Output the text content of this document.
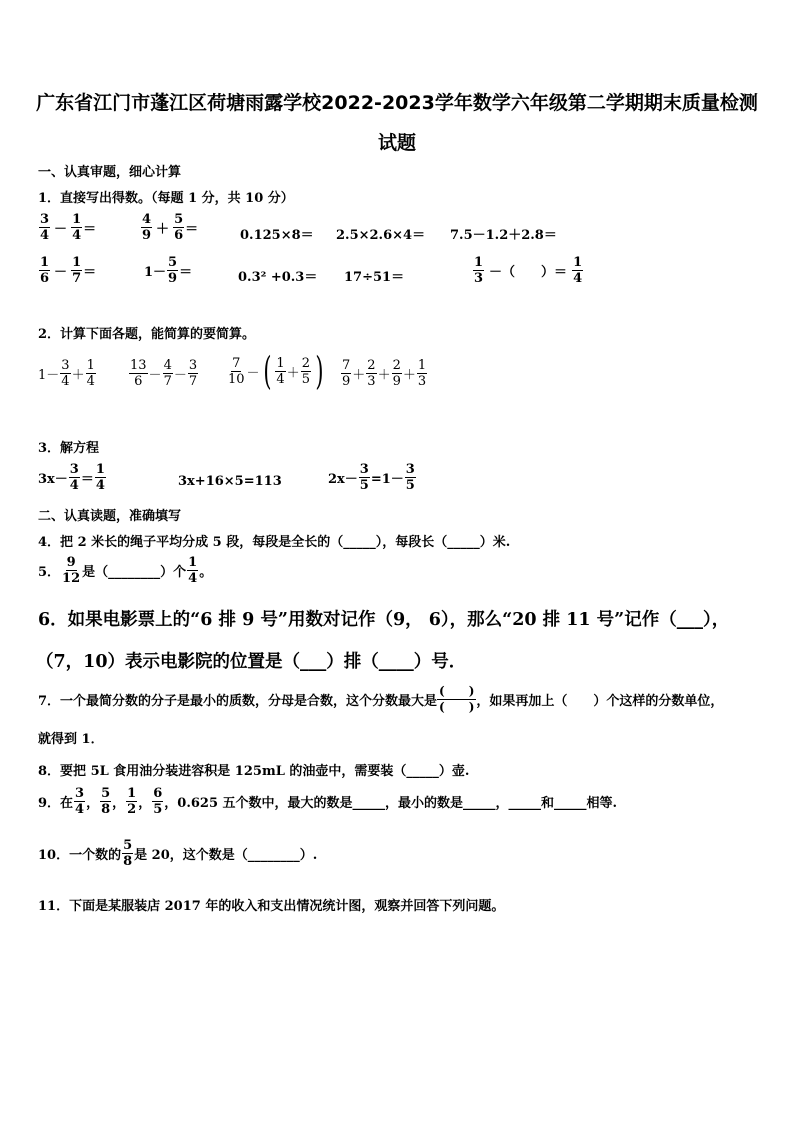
广东省江门市蓬江区荷塘雨露学校2022-2023学年数学六年级第二学期期末质量检测
试题
一、认真审题，细心计算
1．直接写出得数。（每题 1 分，共 10 分）
$\frac{3}{4} - \frac{1}{4}$ ＝	$\frac{4}{9} + \frac{5}{6}$ ＝	0.125×8＝ 2.5×2.6×4＝ 7.5－1.2＋2.8＝
$\frac{1}{6} - \frac{1}{7}$ ＝	$1- \frac{5}{9}$ ＝	0.3² +0.3＝ 17÷51＝	$\frac{1}{3}$ －（　　）＝ $\frac{1}{4}$
2．计算下面各题，能简算的要简算。
$1- \frac{3}{4} + \frac{1}{4}$	$\frac{13}{6} - \frac{4}{7} - \frac{3}{7} \frac{7}{10}$ － ( $\frac{1}{4} + \frac{2}{5}$ ) $\frac{7}{9} + \frac{2}{3} + \frac{2}{9} + \frac{1}{3}$
3．解方程
$3x- \frac{3}{4} = \frac{1}{4}$	3x+16×5=113	$2x- \frac{3}{5} =1- \frac{3}{5}$
二、认真读题，准确填写
4．把 2 米长的绳子平均分成 5 段，每段是全长的（_____），每段长（_____）米.
5． $\frac{9}{12}$ 是（________）个 $\frac{1}{4}$ 。
6．如果电影票上的“6 排 9 号”用数对记作（9， 6），那么“20 排 11 号”记作（___），
（7，10）表示电影院的位置是（___）排（____）号．
7．一个最简分数的分子是最小的质数，分母是合数，这个分数最大是 $\frac{( )}{( )}$ ，如果再加上（　　）个这样的分数单位，
就得到 1．
8．要把 5L 食用油分装进容积是 125mL 的油壶中，需要装（_____）壶.
9．在 $\frac{3}{4}$ ， $\frac{5}{8}$ ， $\frac{1}{2}$ ， $\frac{6}{5}$ ，0.625 五个数中，最大的数是_____，最小的数是_____，_____和_____相等.
10．一个数的 $\frac{5}{8}$ 是 20，这个数是（________）.
11．下面是某服装店 2017 年的收入和支出情况统计图，观察并回答下列问题。
